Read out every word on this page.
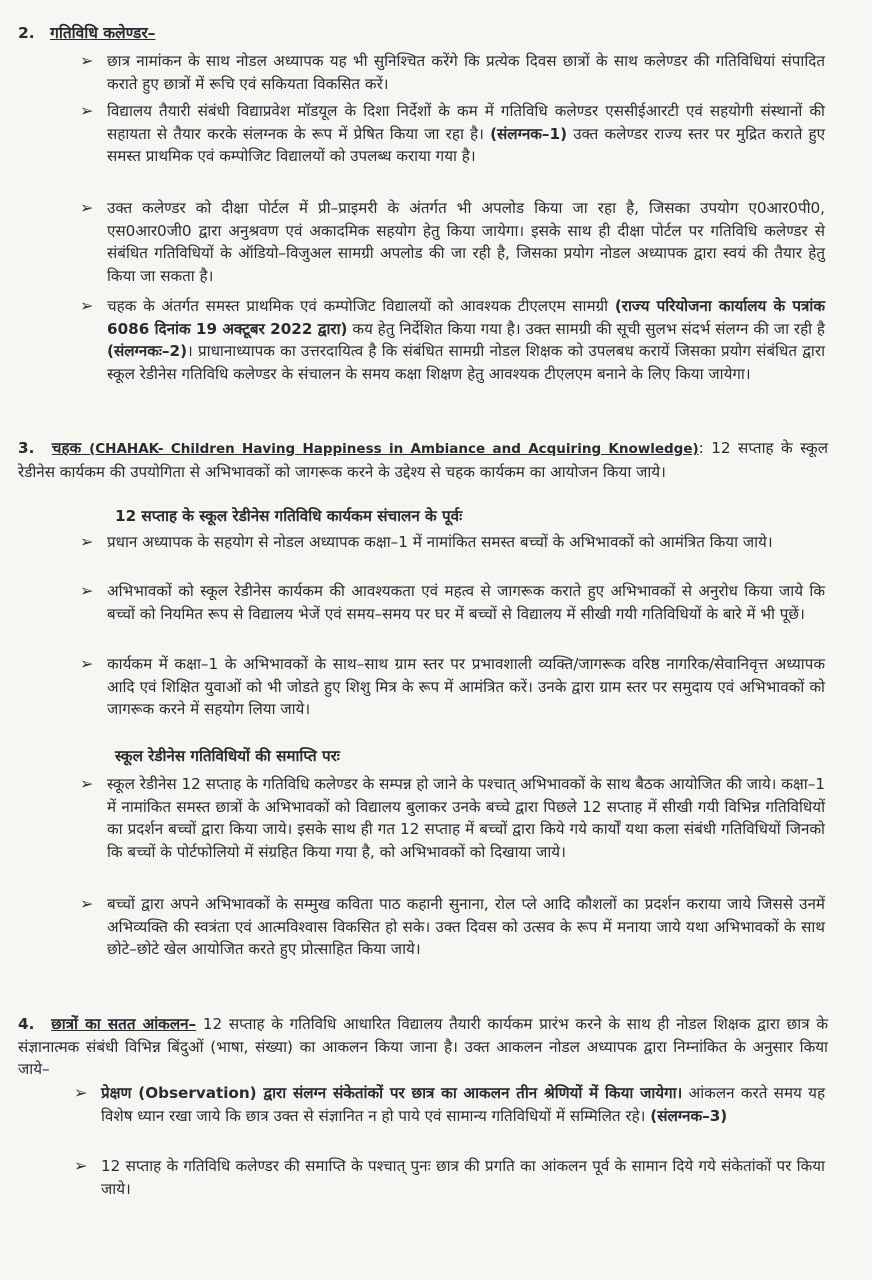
2. गतिविधि कलेण्डर–
➢ छात्र नामांकन के साथ नोडल अध्यापक यह भी सुनिश्चित करेंगे कि प्रत्येक दिवस छात्रों के साथ कलेण्डर की गतिविधियां संपादित कराते हुए छात्रों में रूचि एवं सकियता विकसित करें।
➢ विद्यालय तैयारी संबंधी विद्याप्रवेश मॉडयूल के दिशा निर्देशों के कम में गतिविधि कलेण्डर एससीईआरटी एवं सहयोगी संस्थानों की सहायता से तैयार करके संलग्नक के रूप में प्रेषित किया जा रहा है। (संलग्नक–1) उक्त कलेण्डर राज्य स्तर पर मुद्रित कराते हुए समस्त प्राथमिक एवं कम्पोजिट विद्यालयों को उपलब्ध कराया गया है।
➢ उक्त कलेण्डर को दीक्षा पोर्टल में प्री–प्राइमरी के अंतर्गत भी अपलोड किया जा रहा है, जिसका उपयोग ए0आर0पी0, एस0आर0जी0 द्वारा अनुश्रवण एवं अकादमिक सहयोग हेतु किया जायेगा। इसके साथ ही दीक्षा पोर्टल पर गतिविधि कलेण्डर से संबंधित गतिविधियों के ऑडियो–विजुअल सामग्री अपलोड की जा रही है, जिसका प्रयोग नोडल अध्यापक द्वारा स्वयं की तैयार हेतु किया जा सकता है।
➢ चहक के अंतर्गत समस्त प्राथमिक एवं कम्पोजिट विद्यालयों को आवश्यक टीएलएम सामग्री (राज्य परियोजना कार्यालय के पत्रांक 6086 दिनांक 19 अक्टूबर 2022 द्वारा) कय हेतु निर्देशित किया गया है। उक्त सामग्री की सूची सुलभ संदर्भ संलग्न की जा रही है (संलग्नकः–2)। प्राधानाध्यापक का उत्तरदायित्व है कि संबंधित सामग्री नोडल शिक्षक को उपलबध करायें जिसका प्रयोग संबंधित द्वारा स्कूल रेडीनेस गतिविधि कलेण्डर के संचालन के समय कक्षा शिक्षण हेतु आवश्यक टीएलएम बनाने के लिए किया जायेगा।
3. चहक (CHAHAK- Children Having Happiness in Ambiance and Acquiring Knowledge): 12 सप्ताह के स्कूल रेडीनेस कार्यकम की उपयोगिता से अभिभावकों को जागरूक करने के उद्देश्य से चहक कार्यकम का आयोजन किया जाये।
12 सप्ताह के स्कूल रेडीनेस गतिविधि कार्यकम संचालन के पूर्वः
➢ प्रधान अध्यापक के सहयोग से नोडल अध्यापक कक्षा–1 में नामांकित समस्त बच्चों के अभिभावकों को आमंत्रित किया जाये।
➢ अभिभावकों को स्कूल रेडीनेस कार्यकम की आवश्यकता एवं महत्व से जागरूक कराते हुए अभिभावकों से अनुरोध किया जाये कि बच्चों को नियमित रूप से विद्यालय भेजें एवं समय–समय पर घर में बच्चों से विद्यालय में सीखी गयी गतिविधियों के बारे में भी पूछें।
➢ कार्यकम में कक्षा–1 के अभिभावकों के साथ–साथ ग्राम स्तर पर प्रभावशाली व्यक्ति/जागरूक वरिष्ठ नागरिक/सेवानिवृत्त अध्यापक आदि एवं शिक्षित युवाओं को भी जोडते हुए शिशु मित्र के रूप में आमंत्रित करें। उनके द्वारा ग्राम स्तर पर समुदाय एवं अभिभावकों को जागरूक करने में सहयोग लिया जाये।
स्कूल रेडीनेस गतिविधियों की समाप्ति परः
➢ स्कूल रेडीनेस 12 सप्ताह के गतिविधि कलेण्डर के सम्पन्न हो जाने के पश्चात् अभिभावकों के साथ बैठक आयोजित की जाये। कक्षा–1 में नामांकित समस्त छात्रों के अभिभावकों को विद्यालय बुलाकर उनके बच्चे द्वारा पिछले 12 सप्ताह में सीखी गयी विभिन्न गतिविधियों का प्रदर्शन बच्चों द्वारा किया जाये। इसके साथ ही गत 12 सप्ताह में बच्चों द्वारा किये गये कार्यों यथा कला संबंधी गतिविधियों जिनको कि बच्चों के पोर्टफोलियो में संग्रहित किया गया है, को अभिभावकों को दिखाया जाये।
➢ बच्चों द्वारा अपने अभिभावकों के सम्मुख कविता पाठ कहानी सुनाना, रोल प्ले आदि कौशलों का प्रदर्शन कराया जाये जिससे उनमें अभिव्यक्ति की स्वत्रंता एवं आत्मविश्वास विकसित हो सके। उक्त दिवस को उत्सव के रूप में मनाया जाये यथा अभिभावकों के साथ छोटे–छोटे खेल आयोजित करते हुए प्रोत्साहित किया जाये।
4. छात्रों का सतत आंकलन– 12 सप्ताह के गतिविधि आधारित विद्यालय तैयारी कार्यकम प्रारंभ करने के साथ ही नोडल शिक्षक द्वारा छात्र के संज्ञानात्मक संबंधी विभिन्न बिंदुओं (भाषा, संख्या) का आकलन किया जाना है। उक्त आकलन नोडल अध्यापक द्वारा निम्नांकित के अनुसार किया जाये–
➢ प्रेक्षण (Observation) द्वारा संलग्न संकेतांकों पर छात्र का आकलन तीन श्रेणियों में किया जायेगा। आंकलन करते समय यह विशेष ध्यान रखा जाये कि छात्र उक्त से संज्ञानित न हो पाये एवं सामान्य गतिविधियों में सम्मिलित रहे। (संलग्नक–3)
➢ 12 सप्ताह के गतिविधि कलेण्डर की समाप्ति के पश्चात् पुनः छात्र की प्रगति का आंकलन पूर्व के सामान दिये गये संकेतांकों पर किया जाये।
